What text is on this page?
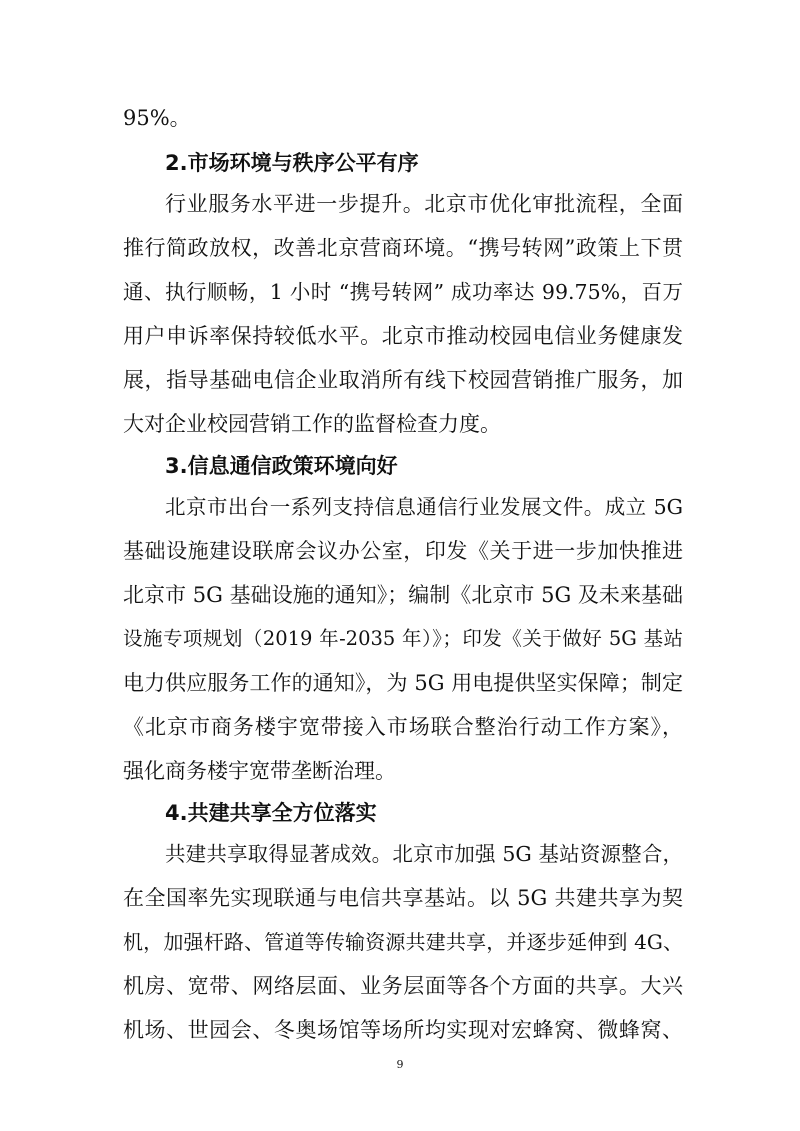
95%。

2.市场环境与秩序公平有序

行业服务水平进一步提升。北京市优化审批流程，全面

推行简政放权，改善北京营商环境。“携号转网”政策上下贯

通、执行顺畅，1 小时 “携号转网” 成功率达 99.75%，百万

用户申诉率保持较低水平。北京市推动校园电信业务健康发

展，指导基础电信企业取消所有线下校园营销推广服务，加

大对企业校园营销工作的监督检查力度。

3.信息通信政策环境向好

北京市出台一系列支持信息通信行业发展文件。成立 5G

基础设施建设联席会议办公室，印发《关于进一步加快推进

北京市 5G 基础设施的通知》；编制《北京市 5G 及未来基础

设施专项规划（2019 年-2035 年）》；印发《关于做好 5G 基站

电力供应服务工作的通知》，为 5G 用电提供坚实保障；制定

《北京市商务楼宇宽带接入市场联合整治行动工作方案》，

强化商务楼宇宽带垄断治理。

4.共建共享全方位落实

共建共享取得显著成效。北京市加强 5G 基站资源整合，

在全国率先实现联通与电信共享基站。以 5G 共建共享为契

机，加强杆路、管道等传输资源共建共享，并逐步延伸到 4G、

机房、宽带、网络层面、业务层面等各个方面的共享。大兴

机场、世园会、冬奥场馆等场所均实现对宏蜂窝、微蜂窝、

9
